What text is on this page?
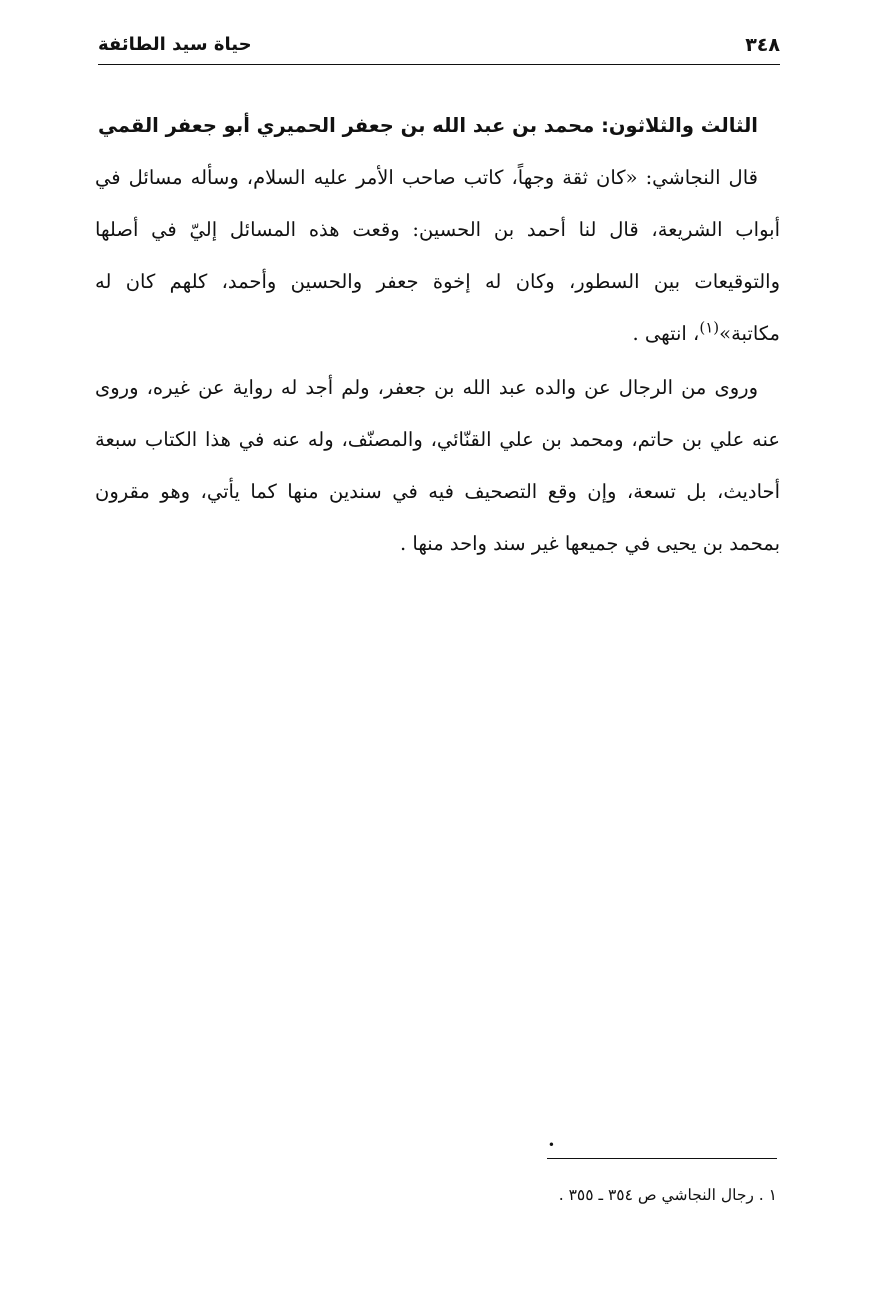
٣٤٨
حياة سيد الطائفة
الثالث والثلاثون: محمد بن عبد الله بن جعفر الحميري أبو جعفر القمي

قال النجاشي: «كان ثقة وجهاً، كاتب صاحب الأمر عليه السلام، وسأله مسائل في أبواب الشريعة، قال لنا أحمد بن الحسين: وقعت هذه المسائل إليّ في أصلها والتوقيعات بين السطور، وكان له إخوة جعفر والحسين وأحمد، كلهم كان له مكاتبة»$^{(١)}$، انتهى .

وروى من الرجال عن والده عبد الله بن جعفر، ولم أجد له رواية عن غيره، وروى عنه علي بن حاتم، ومحمد بن علي القنّائي، والمصنّف، وله عنه في هذا الكتاب سبعة أحاديث، بل تسعة، وإن وقع التصحيف فيه في سندين منها كما يأتي، وهو مقرون بمحمد بن يحيى في جميعها غير سند واحد منها .

•
١ . رجال النجاشي ص ٣٥٤ ـ ٣٥٥ .
